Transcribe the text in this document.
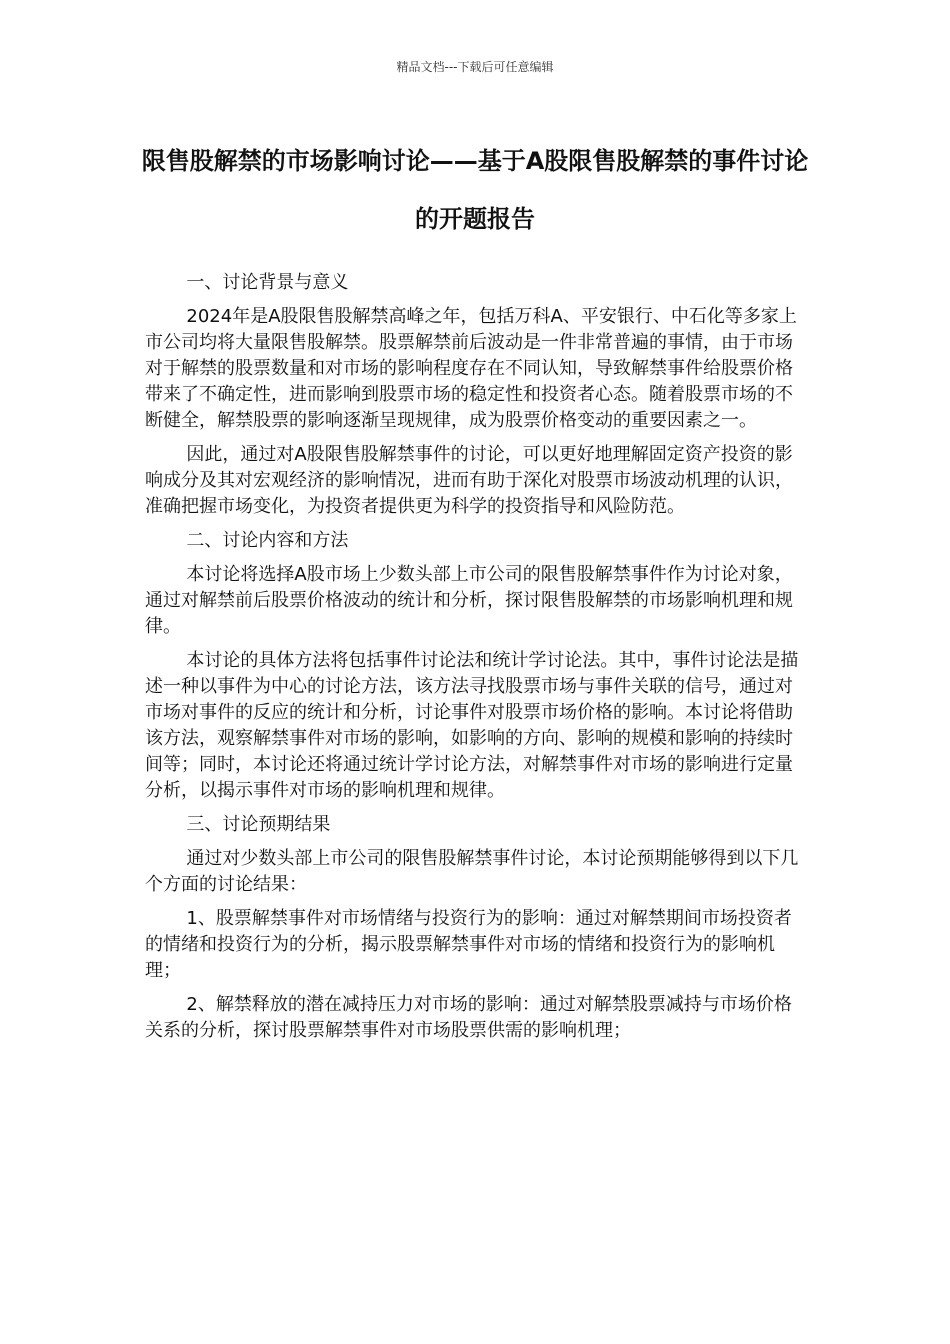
精品文档---下载后可任意编辑
限售股解禁的市场影响讨论——基于A股限售股解禁的事件讨论的开题报告

一、讨论背景与意义

2024年是A股限售股解禁高峰之年，包括万科A、平安银行、中石化等多家上市公司均将大量限售股解禁。股票解禁前后波动是一件非常普遍的事情，由于市场对于解禁的股票数量和对市场的影响程度存在不同认知，导致解禁事件给股票价格带来了不确定性，进而影响到股票市场的稳定性和投资者心态。随着股票市场的不断健全，解禁股票的影响逐渐呈现规律，成为股票价格变动的重要因素之一。

因此，通过对A股限售股解禁事件的讨论，可以更好地理解固定资产投资的影响成分及其对宏观经济的影响情况，进而有助于深化对股票市场波动机理的认识，准确把握市场变化，为投资者提供更为科学的投资指导和风险防范。

二、讨论内容和方法

本讨论将选择A股市场上少数头部上市公司的限售股解禁事件作为讨论对象，通过对解禁前后股票价格波动的统计和分析，探讨限售股解禁的市场影响机理和规律。

本讨论的具体方法将包括事件讨论法和统计学讨论法。其中，事件讨论法是描述一种以事件为中心的讨论方法，该方法寻找股票市场与事件关联的信号，通过对市场对事件的反应的统计和分析，讨论事件对股票市场价格的影响。本讨论将借助该方法，观察解禁事件对市场的影响，如影响的方向、影响的规模和影响的持续时间等；同时，本讨论还将通过统计学讨论方法，对解禁事件对市场的影响进行定量分析，以揭示事件对市场的影响机理和规律。

三、讨论预期结果

通过对少数头部上市公司的限售股解禁事件讨论，本讨论预期能够得到以下几个方面的讨论结果：

1、股票解禁事件对市场情绪与投资行为的影响：通过对解禁期间市场投资者的情绪和投资行为的分析，揭示股票解禁事件对市场的情绪和投资行为的影响机理；

2、解禁释放的潜在减持压力对市场的影响：通过对解禁股票减持与市场价格关系的分析，探讨股票解禁事件对市场股票供需的影响机理；
